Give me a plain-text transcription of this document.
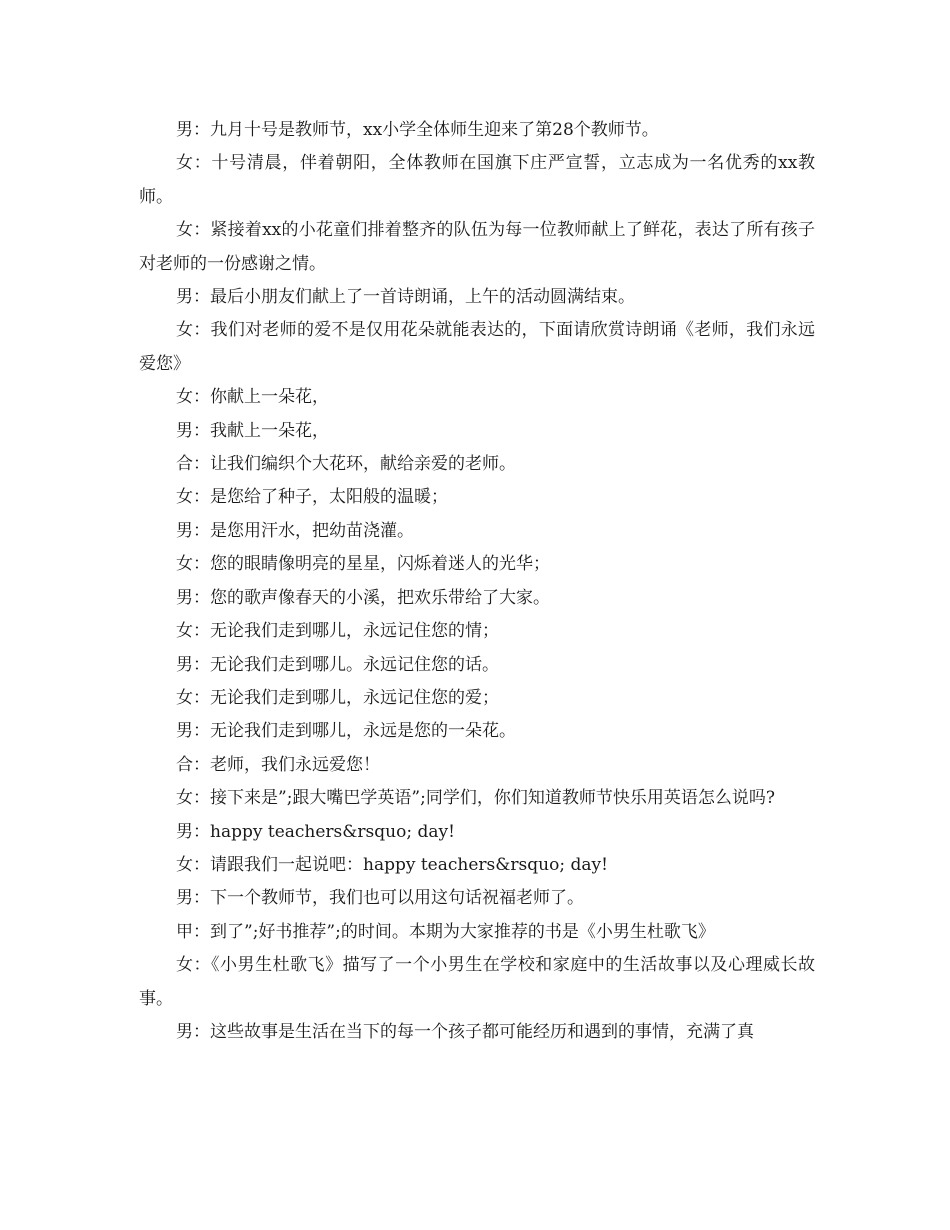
男：九月十号是教师节，xx小学全体师生迎来了第28个教师节。

女：十号清晨，伴着朝阳，全体教师在国旗下庄严宣誓，立志成为一名优秀的xx教师。

女：紧接着xx的小花童们排着整齐的队伍为每一位教师献上了鲜花，表达了所有孩子对老师的一份感谢之情。

男：最后小朋友们献上了一首诗朗诵，上午的活动圆满结束。

女：我们对老师的爱不是仅用花朵就能表达的，下面请欣赏诗朗诵《老师，我们永远爱您》

女：你献上一朵花，

男：我献上一朵花，

合：让我们编织个大花环，献给亲爱的老师。

女：是您给了种子，太阳般的温暖；

男：是您用汗水，把幼苗浇灌。

女：您的眼睛像明亮的星星，闪烁着迷人的光华；

男：您的歌声像春天的小溪，把欢乐带给了大家。

女：无论我们走到哪儿，永远记住您的情；

男：无论我们走到哪儿。永远记住您的话。

女：无论我们走到哪儿，永远记住您的爱；

男：无论我们走到哪儿，永远是您的一朵花。

合：老师，我们永远爱您！

女：接下来是”;跟大嘴巴学英语”;同学们，你们知道教师节快乐用英语怎么说吗?

男：happy teachers&rsquo; day!

女：请跟我们一起说吧：happy teachers&rsquo; day!

男：下一个教师节，我们也可以用这句话祝福老师了。

甲：到了”;好书推荐”;的时间。本期为大家推荐的书是《小男生杜歌飞》

女：《小男生杜歌飞》描写了一个小男生在学校和家庭中的生活故事以及心理威长故事。

男：这些故事是生活在当下的每一个孩子都可能经历和遇到的事情，充满了真
